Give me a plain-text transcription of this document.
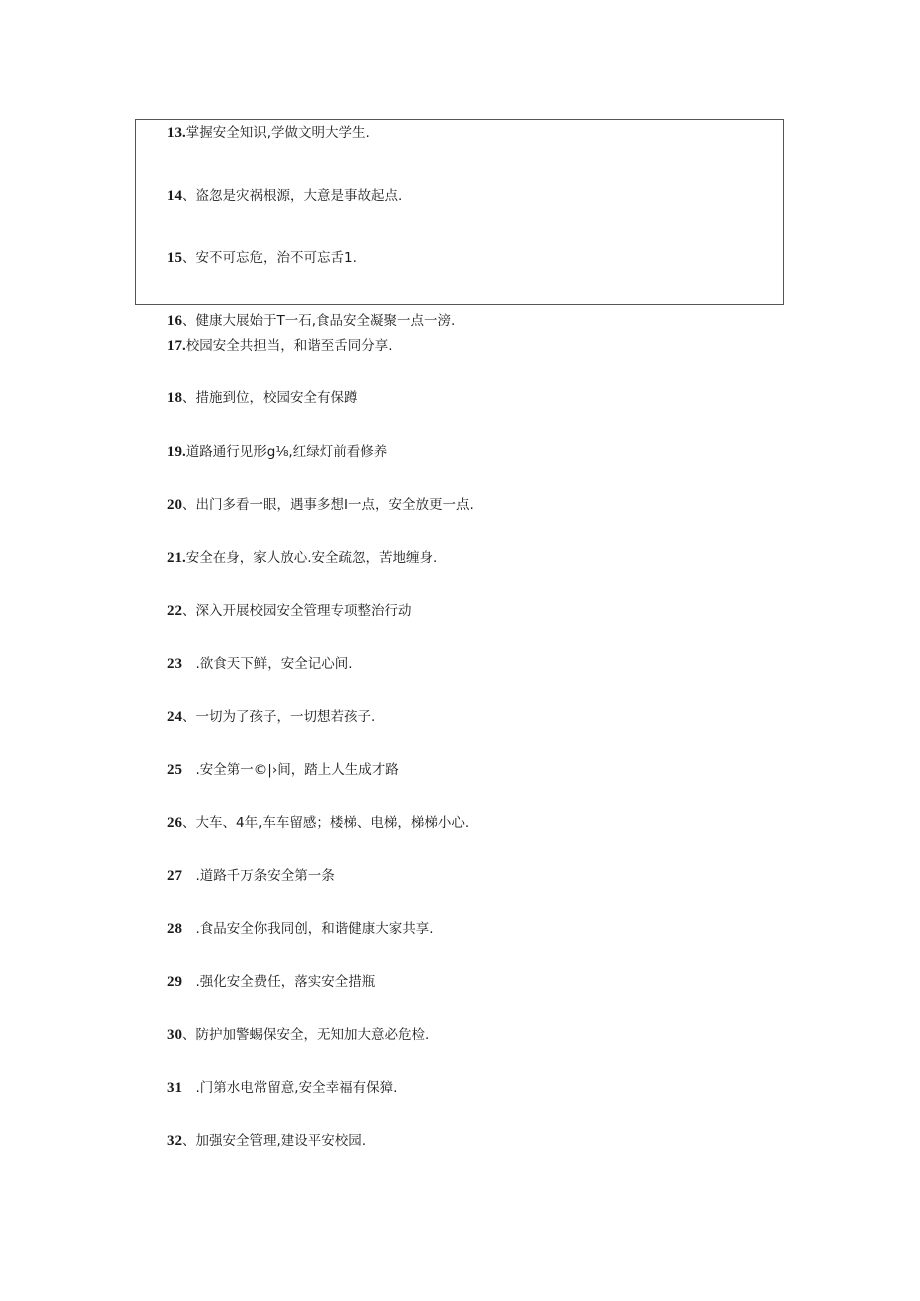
13.掌握安全知识,学做文明大学生.
14、盗忽是灾祸根源，大意是事故起点.
15、安不可忘危，治不可忘舌1.
16、健康大展始于T一石,食品安全凝聚一点一滂.
17.校园安全共担当，和谐至舌同分享.
18、措施到位，校园安全有保蹲
19.道路通行见形g⅛,红绿灯前看修养
20、出门多看一眼，遇事多想I一点，安全放更一点.
21.安全在身，家人放心.安全疏忽，苦地缠身.
22、深入开展校园安全管理专项整治行动
23　.欲食天下鲜，安全记心间.
24、一切为了孩子，一切想若孩子.
25　.安全第一©|›间，踏上人生成才路
26、大车、4年,车车留感；楼梯、电梯，梯梯小心.
27　.道路千万条安全第一条
28　.食品安全你我同创，和谐健康大家共享.
29　.强化安全费任，落实安全措瓶
30、防护加警蜴保安全，无知加大意必危检.
31　.门第水电常留意,安全幸福有保獐.
32、加强安全管理,建设平安校园.
